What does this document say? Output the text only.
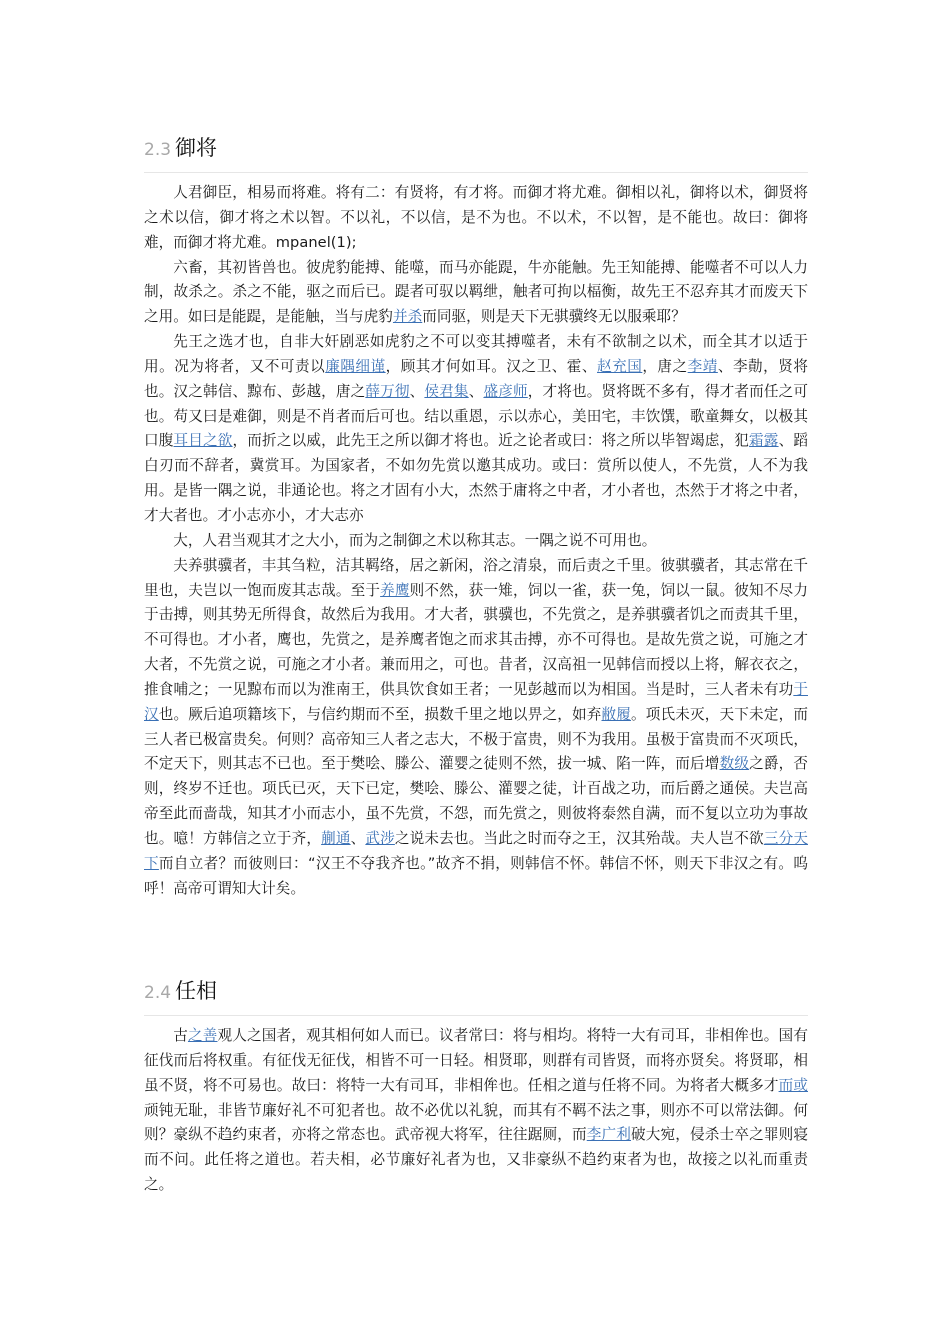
2.3 御将

人君御臣，相易而将难。将有二：有贤将，有才将。而御才将尤难。御相以礼，御将以术，御贤将之术以信，御才将之术以智。不以礼，不以信，是不为也。不以术，不以智，是不能也。故曰：御将难，而御才将尤难。mpanel(1);

六畜，其初皆兽也。彼虎豹能搏、能噬，而马亦能踶，牛亦能触。先王知能搏、能噬者不可以人力制，故杀之。杀之不能，驱之而后已。踶者可驭以羁绁，触者可拘以楅衡，故先王不忍弃其才而废天下之用。如曰是能踶，是能触，当与虎豹并杀而同驱，则是天下无骐骥终无以服乘耶？

先王之选才也，自非大奸剧恶如虎豹之不可以变其搏噬者，未有不欲制之以术，而全其才以适于用。况为将者，又不可责以廉隅细谨，顾其才何如耳。汉之卫、霍、赵充国，唐之李靖、李勣，贤将也。汉之韩信、黥布、彭越，唐之薛万彻、侯君集、盛彦师，才将也。贤将既不多有，得才者而任之可也。苟又曰是难御，则是不肖者而后可也。结以重恩，示以赤心，美田宅，丰饮馔，歌童舞女，以极其口腹耳目之欲，而折之以威，此先王之所以御才将也。近之论者或曰：将之所以毕智竭虑，犯霜露、蹈白刃而不辞者，冀赏耳。为国家者，不如勿先赏以邀其成功。或曰：赏所以使人，不先赏，人不为我用。是皆一隅之说，非通论也。将之才固有小大，杰然于庸将之中者，才小者也，杰然于才将之中者，才大者也。才小志亦小，才大志亦

大，人君当观其才之大小，而为之制御之术以称其志。一隅之说不可用也。

夫养骐骥者，丰其刍粒，洁其羁络，居之新闲，浴之清泉，而后责之千里。彼骐骥者，其志常在千里也，夫岂以一饱而废其志哉。至于养鹰则不然，获一雉，饲以一雀，获一兔，饲以一鼠。彼知不尽力于击搏，则其势无所得食，故然后为我用。才大者，骐骥也，不先赏之，是养骐骥者饥之而责其千里，不可得也。才小者，鹰也，先赏之，是养鹰者饱之而求其击搏，亦不可得也。是故先赏之说，可施之才大者，不先赏之说，可施之才小者。兼而用之，可也。昔者，汉高祖一见韩信而授以上将，解衣衣之，推食哺之；一见黥布而以为淮南王，供具饮食如王者；一见彭越而以为相国。当是时，三人者未有功于汉也。厥后追项籍垓下，与信约期而不至，损数千里之地以畀之，如弃敝履。项氏未灭，天下未定，而三人者已极富贵矣。何则？高帝知三人者之志大，不极于富贵，则不为我用。虽极于富贵而不灭项氏，不定天下，则其志不已也。至于樊哙、滕公、灌婴之徒则不然，拔一城、陷一阵，而后增数级之爵，否则，终岁不迁也。项氏已灭，天下已定，樊哙、滕公、灌婴之徒，计百战之功，而后爵之通侯。夫岂高帝至此而啬哉，知其才小而志小，虽不先赏，不怨，而先赏之，则彼将泰然自满，而不复以立功为事故也。噫！方韩信之立于齐，蒯通、武涉之说未去也。当此之时而夺之王，汉其殆哉。夫人岂不欲三分天下而自立者？而彼则曰：“汉王不夺我齐也。”故齐不捐，则韩信不怀。韩信不怀，则天下非汉之有。呜呼！高帝可谓知大计矣。

2.4 任相

古之善观人之国者，观其相何如人而已。议者常曰：将与相均。将特一大有司耳，非相侔也。国有征伐而后将权重。有征伐无征伐，相皆不可一日轻。相贤耶，则群有司皆贤，而将亦贤矣。将贤耶，相虽不贤，将不可易也。故曰：将特一大有司耳，非相侔也。任相之道与任将不同。为将者大概多才而或顽钝无耻，非皆节廉好礼不可犯者也。故不必优以礼貌，而其有不羁不法之事，则亦不可以常法御。何则？豪纵不趋约束者，亦将之常态也。武帝视大将军，往往踞厕，而李广利破大宛，侵杀士卒之罪则寝而不问。此任将之道也。若夫相，必节廉好礼者为也，又非豪纵不趋约束者为也，故接之以礼而重责之。
